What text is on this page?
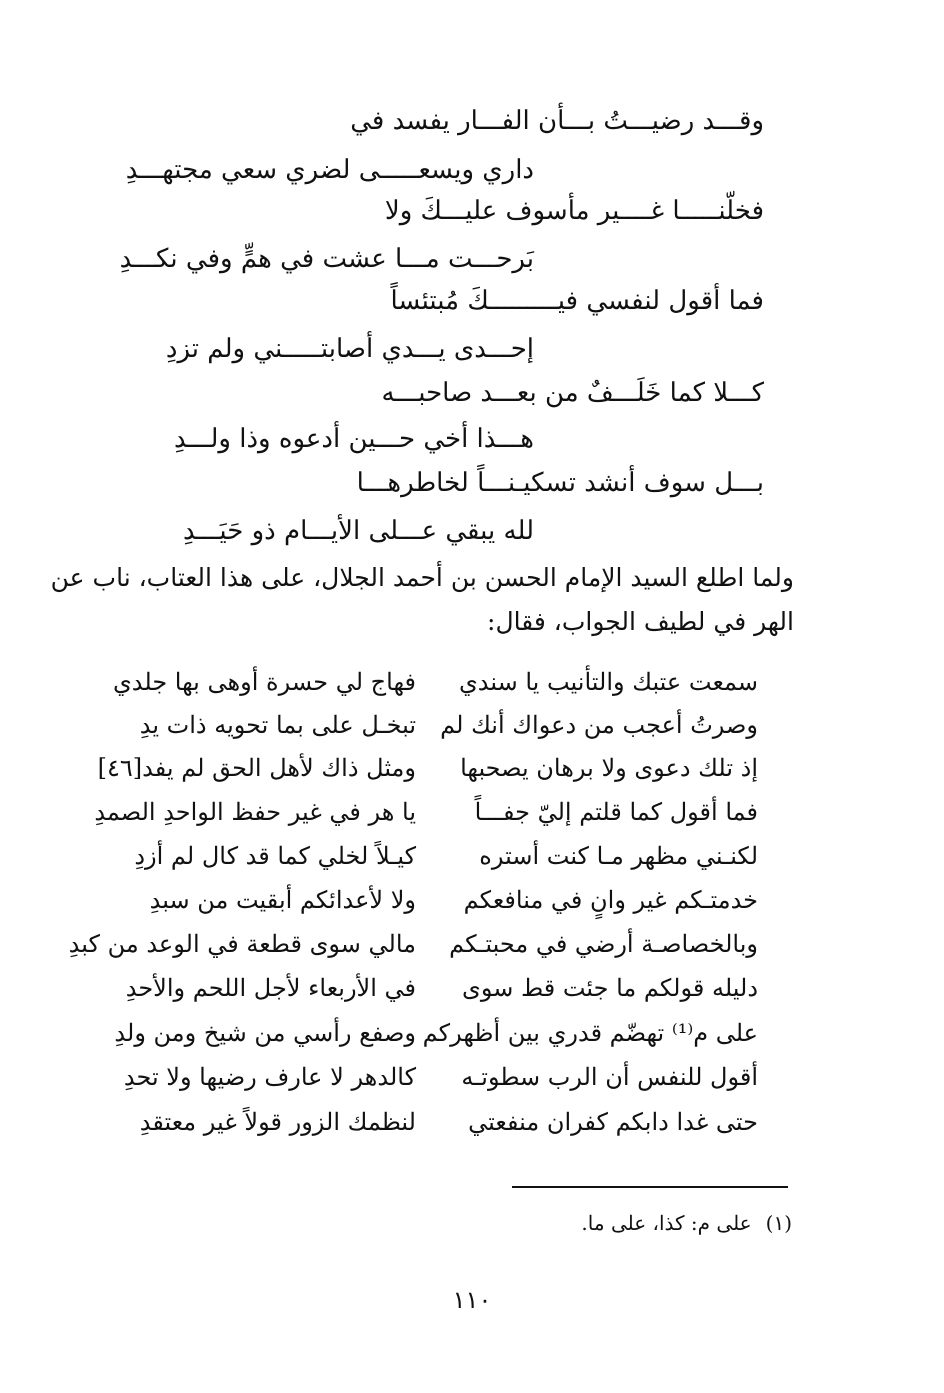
وقـــد رضيـــتُ بـــأن الفـــار يفسد في
داري ويسعـــــى لضري سعي مجتهـــدِ
فخلّنـــــا غــــير مأسوف عليـــكَ ولا
بَرحـــت مـــا عشت في همٍّ وفي نكـــدِ
فما أقول لنفسي فيـــــــــكَ مُبتئساً
إحـــدى يـــدي أصابتـــــني ولم تزدِ
كـــلا كما خَلَـــفٌ من بعـــد صاحبـــه
هـــذا أخي حـــين أدعوه وذا ولـــدِ
بـــل سوف أنشد تسكيـنـــاً لخاطرهـــا
لله يبقي عـــلى الأيـــام ذو حَيَـــدِ
ولما اطلع السيد الإمام الحسن بن أحمد الجلال، على هذا العتاب، ناب عن
الهر في لطيف الجواب، فقال:
سمعت عتبك والتأنيب يا سندي
وصرتُ أعجب من دعواك أنك لم
إذ تلك دعوى ولا برهان يصحبها
فما أقول كما قلتم إليّ جفـــاً
لكنـني مظهر مـا كنت أستره
خدمتـكم غير وانٍ في منافعكم
وبالخصاصـة أرضي في محبتـكم
دليله قولكم ما جئت قط سوى
على م⁽¹⁾ تهضّم قدري بين أظهركم
أقول للنفس أن الرب سطوتـه
حتى غدا دابكم كفران منفعتي
فهاج لي حسرة أوهى بها جلدي
تبخـل على بما تحويه ذات يدِ
ومثل ذاك لأهل الحق لم يفد[٤٦]
يا هر في غير حفظ الواحدِ الصمدِ
كيـلاً لخلي كما قد كال لم أزدِ
ولا لأعدائكم أبقيت من سبدِ
مالي سوى قطعة في الوعد من كبدِ
في الأربعاء لأجل اللحم والأحدِ
وصفع رأسي من شيخ ومن ولدِ
كالدهر لا عارف رضيها ولا تحدِ
لنظمك الزور قولاً غير معتقدِ
(١)على م: كذا، على ما.
١١٠
